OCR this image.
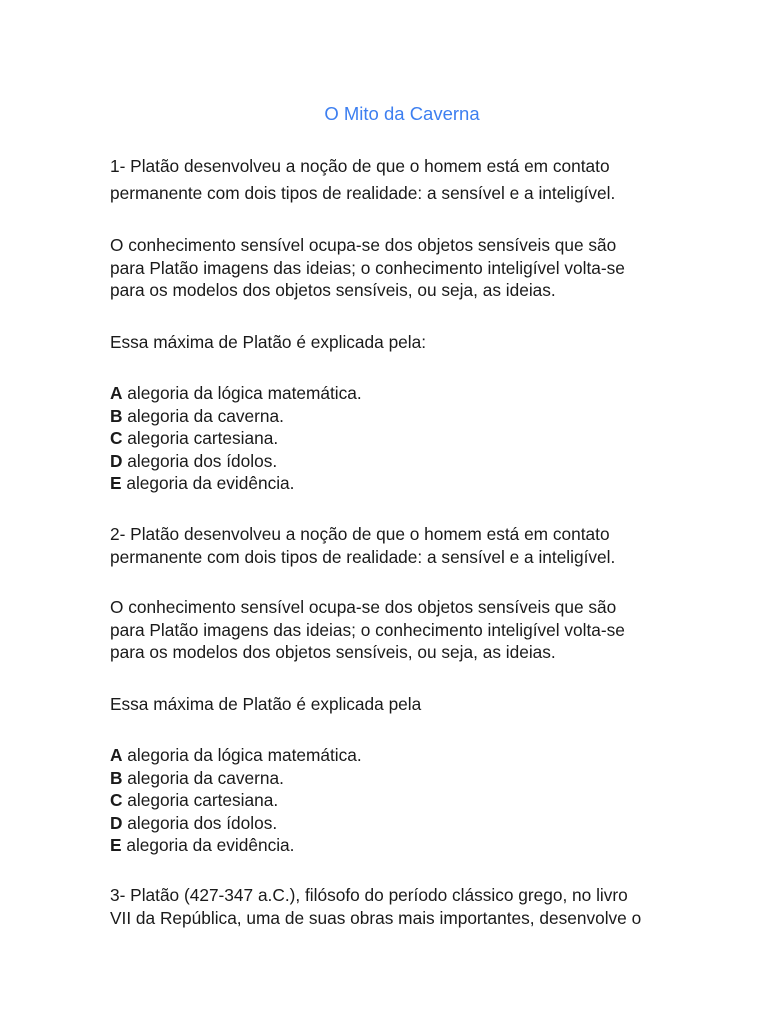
O Mito da Caverna

1- Platão desenvolveu a noção de que o homem está em contato
permanente com dois tipos de realidade: a sensível e a inteligível.

O conhecimento sensível ocupa-se dos objetos sensíveis que são
para Platão imagens das ideias; o conhecimento inteligível volta-se
para os modelos dos objetos sensíveis, ou seja, as ideias.

Essa máxima de Platão é explicada pela:

A alegoria da lógica matemática.
B alegoria da caverna.
C alegoria cartesiana.
D alegoria dos ídolos.
E alegoria da evidência.

2- Platão desenvolveu a noção de que o homem está em contato
permanente com dois tipos de realidade: a sensível e a inteligível.

O conhecimento sensível ocupa-se dos objetos sensíveis que são
para Platão imagens das ideias; o conhecimento inteligível volta-se
para os modelos dos objetos sensíveis, ou seja, as ideias.

Essa máxima de Platão é explicada pela

A alegoria da lógica matemática.
B alegoria da caverna.
C alegoria cartesiana.
D alegoria dos ídolos.
E alegoria da evidência.

3- Platão (427-347 a.C.), filósofo do período clássico grego, no livro
VII da República, uma de suas obras mais importantes, desenvolve o
